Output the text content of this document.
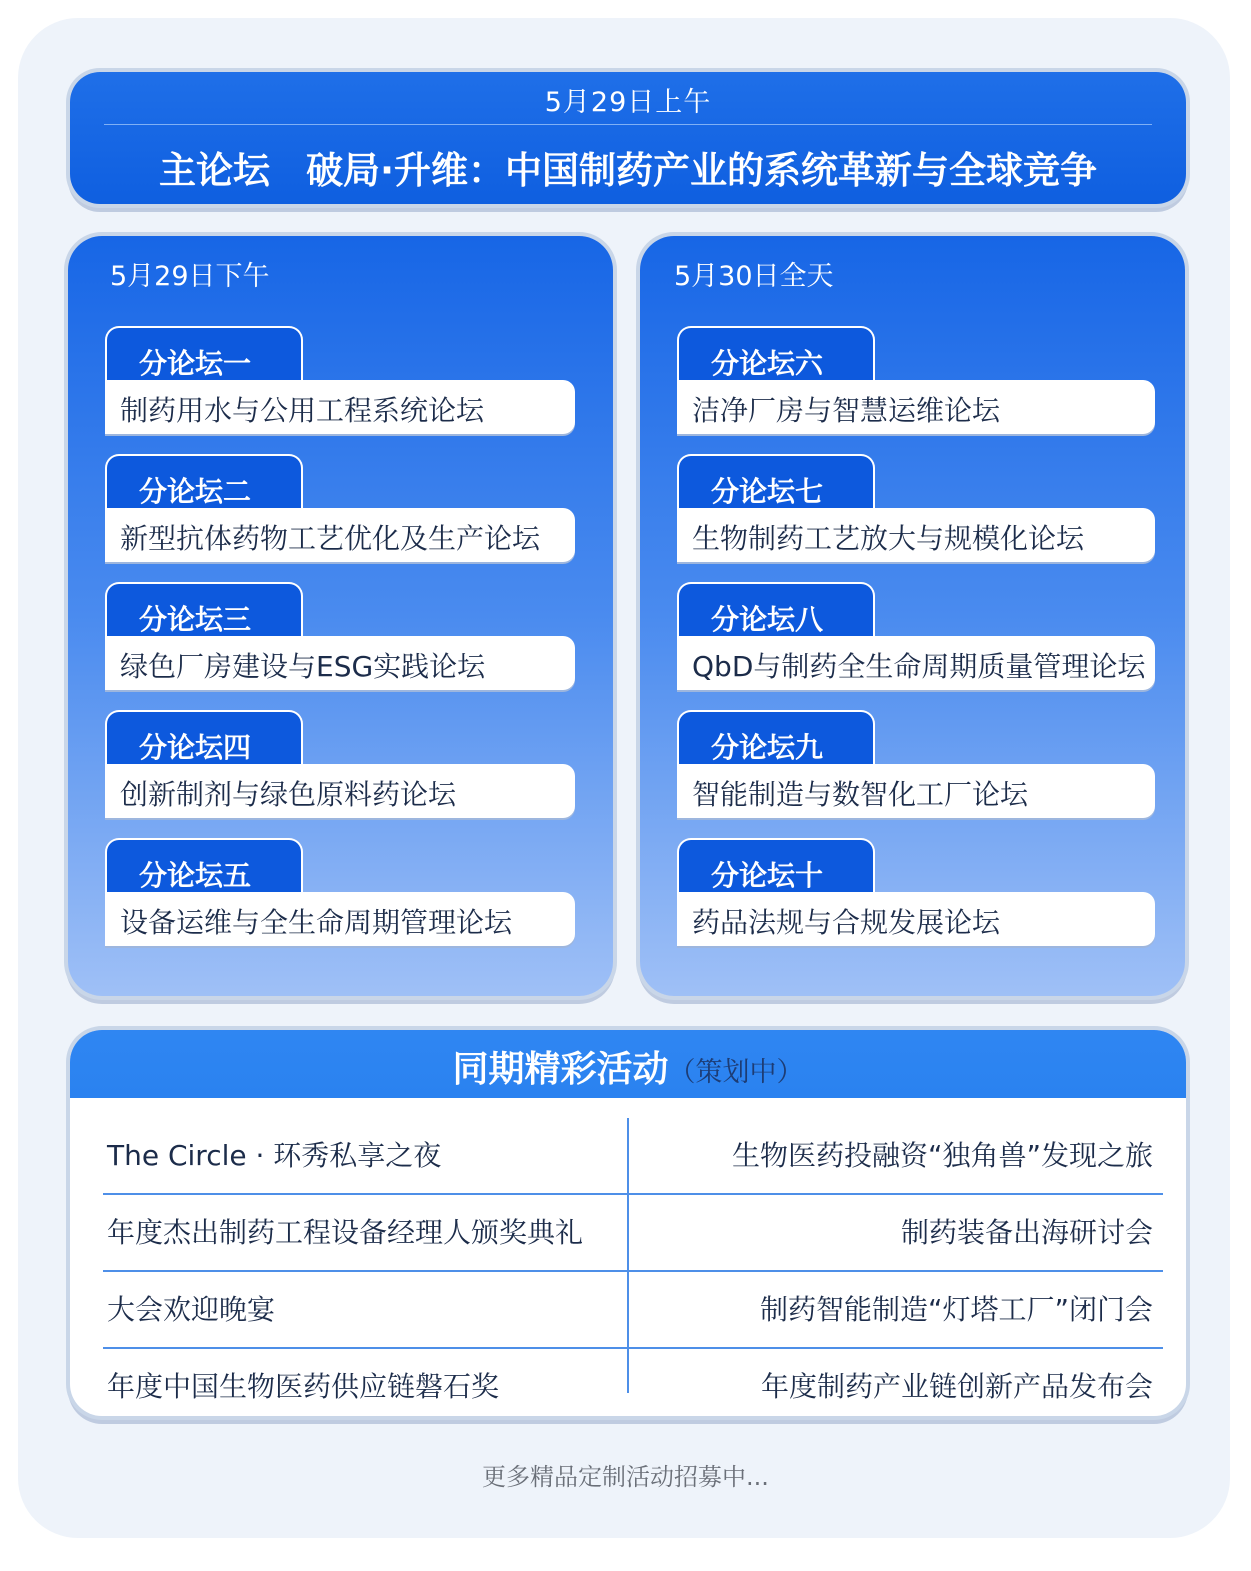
5月29日上午
主论坛 破局·升维：中国制药产业的系统革新与全球竞争
5月29日下午
分论坛一
制药用水与公用工程系统论坛
分论坛二
新型抗体药物工艺优化及生产论坛
分论坛三
绿色厂房建设与ESG实践论坛
分论坛四
创新制剂与绿色原料药论坛
分论坛五
设备运维与全生命周期管理论坛
5月30日全天
分论坛六
洁净厂房与智慧运维论坛
分论坛七
生物制药工艺放大与规模化论坛
分论坛八
QbD与制药全生命周期质量管理论坛
分论坛九
智能制造与数智化工厂论坛
分论坛十
药品法规与合规发展论坛
同期精彩活动（策划中）
The Circle · 环秀私享之夜	生物医药投融资“独角兽”发现之旅
年度杰出制药工程设备经理人颁奖典礼	制药装备出海研讨会
大会欢迎晚宴	制药智能制造“灯塔工厂”闭门会
年度中国生物医药供应链磐石奖	年度制药产业链创新产品发布会
更多精品定制活动招募中...
